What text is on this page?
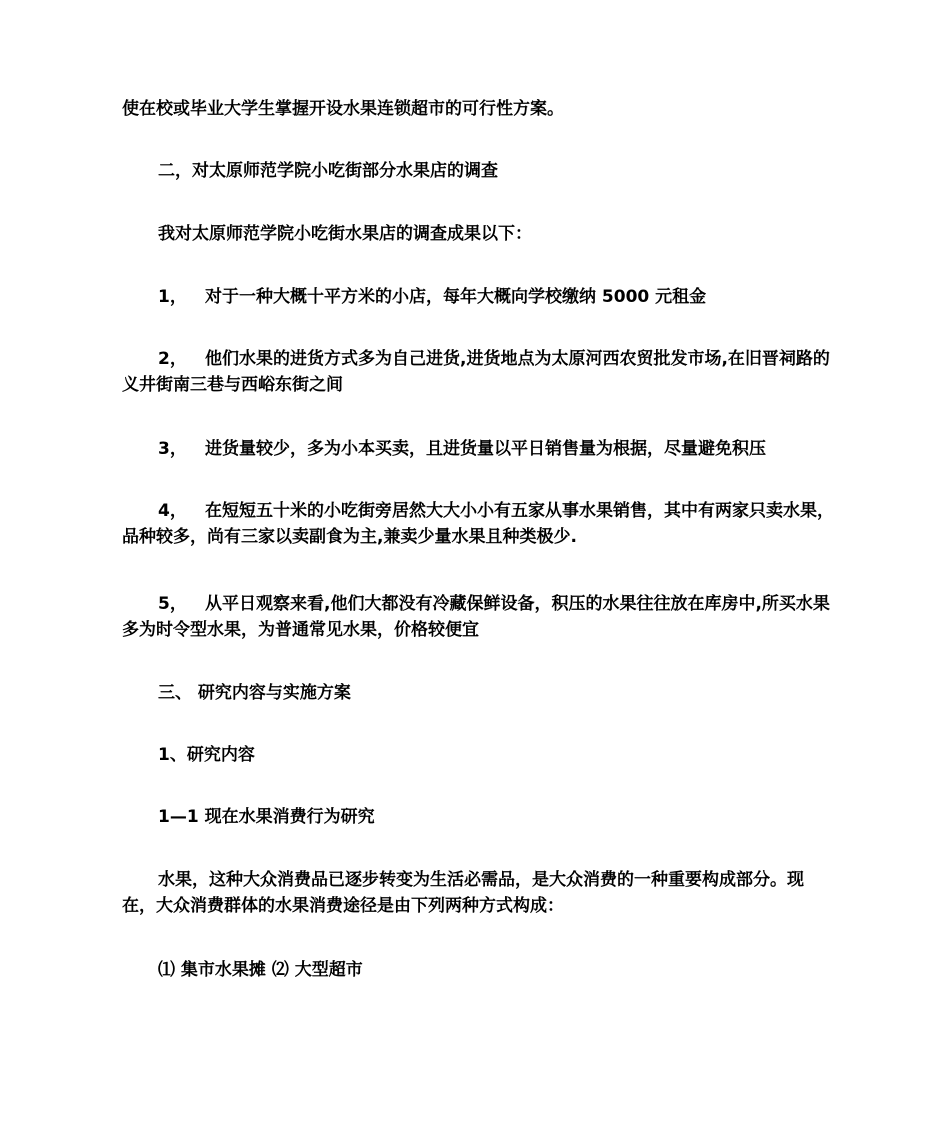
使在校或毕业大学生掌握开设水果连锁超市的可行性方案。

二，对太原师范学院小吃街部分水果店的调查

我对太原师范学院小吃街水果店的调查成果以下：

1， 对于一种大概十平方米的小店，每年大概向学校缴纳 5000 元租金

2， 他们水果的进货方式多为自己进货,进货地点为太原河西农贸批发市场,在旧晋祠路的义井街南三巷与西峪东街之间

3， 进货量较少，多为小本买卖，且进货量以平日销售量为根据，尽量避免积压

4， 在短短五十米的小吃街旁居然大大小小有五家从事水果销售，其中有两家只卖水果，品种较多，尚有三家以卖副食为主,兼卖少量水果且种类极少.

5， 从平日观察来看,他们大都没有冷藏保鲜设备，积压的水果往往放在库房中,所买水果多为时令型水果，为普通常见水果，价格较便宜

三、 研究内容与实施方案

1、研究内容

1—1 现在水果消费行为研究

水果，这种大众消费品已逐步转变为生活必需品，是大众消费的一种重要构成部分。现在，大众消费群体的水果消费途径是由下列两种方式构成：

⑴ 集市水果摊 ⑵ 大型超市
